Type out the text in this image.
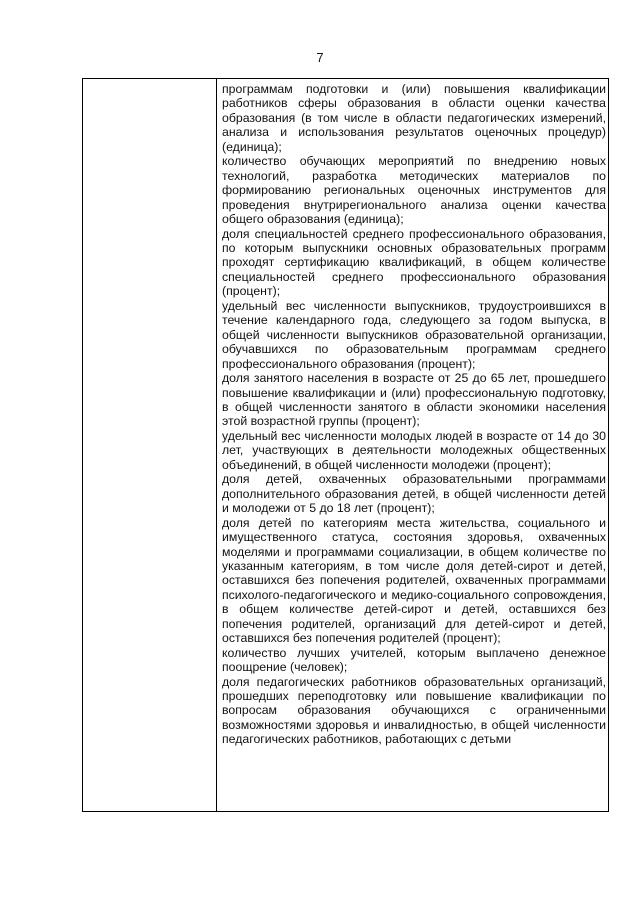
7

программам подготовки и (или) повышения квалификации работников сферы образования в области оценки качества образования (в том числе в области педагогических измерений, анализа и использования результатов оценочных процедур) (единица);

количество обучающих мероприятий по внедрению новых технологий, разработка методических материалов по формированию региональных оценочных инструментов для проведения внутрирегионального анализа оценки качества общего образования (единица);

доля специальностей среднего профессионального образования, по которым выпускники основных образовательных программ проходят сертификацию квалификаций, в общем количестве специальностей среднего профессионального образования (процент);

удельный вес численности выпускников, трудоустроившихся в течение календарного года, следующего за годом выпуска, в общей численности выпускников образовательной организации, обучавшихся по образовательным программам среднего профессионального образования (процент);

доля занятого населения в возрасте от 25 до 65 лет, прошедшего повышение квалификации и (или) профессиональную подготовку, в общей численности занятого в области экономики населения этой возрастной группы (процент);

удельный вес численности молодых людей в возрасте от 14 до 30 лет, участвующих в деятельности молодежных общественных объединений, в общей численности молодежи (процент);

доля детей, охваченных образовательными программами дополнительного образования детей, в общей численности детей и молодежи от 5 до 18 лет (процент);

доля детей по категориям места жительства, социального и имущественного статуса, состояния здоровья, охваченных моделями и программами социализации, в общем количестве по указанным категориям, в том числе доля детей-сирот и детей, оставшихся без попечения родителей, охваченных программами психолого-педагогического и медико-социального сопровождения, в общем количестве детей-сирот и детей, оставшихся без попечения родителей, организаций для детей-сирот и детей, оставшихся без попечения родителей (процент);

количество лучших учителей, которым выплачено денежное поощрение (человек);

доля педагогических работников образовательных организаций, прошедших переподготовку или повышение квалификации по вопросам образования обучающихся с ограниченными возможностями здоровья и инвалидностью, в общей численности педагогических работников, работающих с детьми
